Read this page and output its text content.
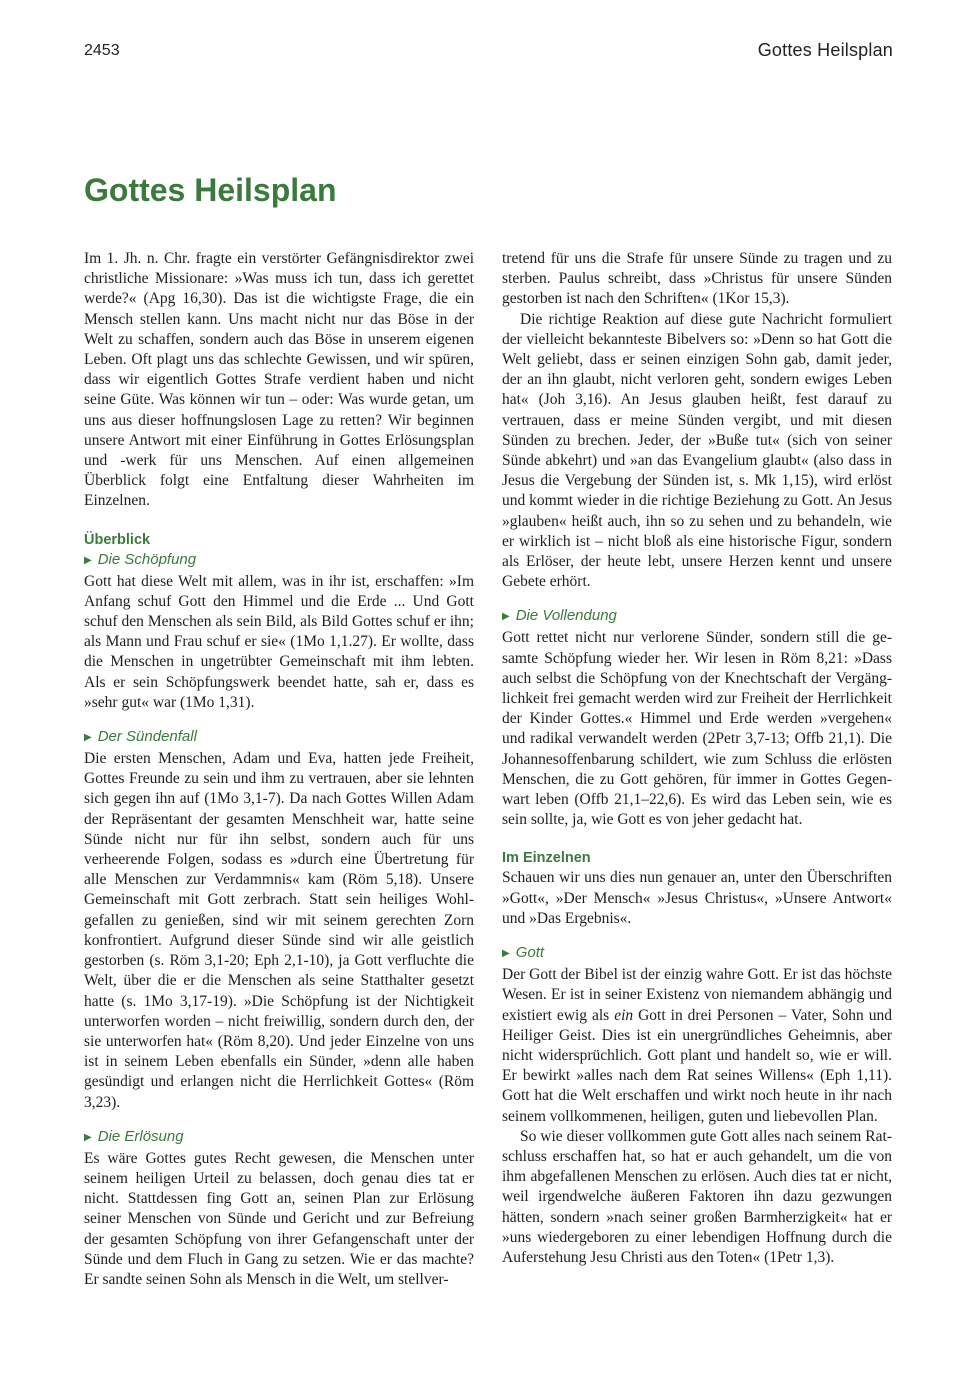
2453	Gottes Heilsplan
Gottes Heilsplan

Im 1. Jh. n. Chr. fragte ein verstörter Gefängnisdirektor zwei christliche Missionare: »Was muss ich tun, dass ich gerettet werde?« (Apg 16,30). Das ist die wichtigste Frage, die ein Mensch stellen kann. Uns macht nicht nur das Böse in der Welt zu schaffen, sondern auch das Böse in unserem eigenen Leben. Oft plagt uns das schlechte Gewissen, und wir spüren, dass wir eigentlich Gottes Strafe verdient haben und nicht seine Güte. Was können wir tun – oder: Was wurde getan, um uns aus dieser hoffnungslosen Lage zu retten? Wir beginnen unsere Antwort mit einer Einführung in Gottes Erlösungsplan und -werk für uns Menschen. Auf einen allgemeinen Überblick folgt eine Entfaltung dieser Wahrheiten im Einzelnen.

Überblick
▶ Die Schöpfung

Gott hat diese Welt mit allem, was in ihr ist, erschaffen: »Im Anfang schuf Gott den Himmel und die Erde ... Und Gott schuf den Menschen als sein Bild, als Bild Gottes schuf er ihn; als Mann und Frau schuf er sie« (1Mo 1,1.27). Er wollte, dass die Menschen in ungetrübter Gemeinschaft mit ihm lebten. Als er sein Schöpfungswerk beendet hatte, sah er, dass es »sehr gut« war (1Mo 1,31).

▶ Der Sündenfall

Die ersten Menschen, Adam und Eva, hatten jede Freiheit, Gottes Freunde zu sein und ihm zu vertrauen, aber sie lehnten sich gegen ihn auf (1Mo 3,1-7). Da nach Gottes Willen Adam der Repräsentant der gesamten Menschheit war, hatte seine Sünde nicht nur für ihn selbst, sondern auch für uns verheerende Folgen, sodass es »durch eine Übertretung für alle Menschen zur Verdammnis« kam (Röm 5,18). Unsere Gemeinschaft mit Gott zerbrach. Statt sein heiliges Wohlgefallen zu genießen, sind wir mit seinem gerechten Zorn konfrontiert. Aufgrund dieser Sünde sind wir alle geistlich gestorben (s. Röm 3,1-20; Eph 2,1-10), ja Gott verfluchte die Welt, über die er die Menschen als seine Statthalter gesetzt hatte (s. 1Mo 3,17-19). »Die Schöpfung ist der Nichtigkeit unterworfen worden – nicht freiwillig, sondern durch den, der sie unterworfen hat« (Röm 8,20). Und jeder Einzelne von uns ist in seinem Leben ebenfalls ein Sünder, »denn alle haben gesündigt und erlangen nicht die Herrlichkeit Gottes« (Röm 3,23).

▶ Die Erlösung

Es wäre Gottes gutes Recht gewesen, die Menschen unter seinem heiligen Urteil zu belassen, doch genau dies tat er nicht. Stattdessen fing Gott an, seinen Plan zur Erlösung seiner Menschen von Sünde und Gericht und zur Befreiung der gesamten Schöpfung von ihrer Gefangenschaft unter der Sünde und dem Fluch in Gang zu setzen. Wie er das machte? Er sandte seinen Sohn als Mensch in die Welt, um stellver-

tretend für uns die Strafe für unsere Sünde zu tragen und zu sterben. Paulus schreibt, dass »Christus für unsere Sünden gestorben ist nach den Schriften« (1Kor 15,3).

Die richtige Reaktion auf diese gute Nachricht formuliert der vielleicht bekannteste Bibelvers so: »Denn so hat Gott die Welt geliebt, dass er seinen einzigen Sohn gab, damit jeder, der an ihn glaubt, nicht verloren geht, sondern ewiges Leben hat« (Joh 3,16). An Jesus glauben heißt, fest darauf zu vertrauen, dass er meine Sünden vergibt, und mit diesen Sünden zu brechen. Jeder, der »Buße tut« (sich von seiner Sünde abkehrt) und »an das Evangelium glaubt« (also dass in Jesus die Vergebung der Sünden ist, s. Mk 1,15), wird erlöst und kommt wieder in die richtige Beziehung zu Gott. An Jesus »glauben« heißt auch, ihn so zu sehen und zu behandeln, wie er wirklich ist – nicht bloß als eine historische Figur, sondern als Erlöser, der heute lebt, unsere Herzen kennt und unsere Gebete erhört.

▶ Die Vollendung

Gott rettet nicht nur verlorene Sünder, sondern still die gesamte Schöpfung wieder her. Wir lesen in Röm 8,21: »Dass auch selbst die Schöpfung von der Knechtschaft der Vergänglichkeit frei gemacht werden wird zur Freiheit der Herrlichkeit der Kinder Gottes.« Himmel und Erde werden »vergehen« und radikal verwandelt werden (2Petr 3,7-13; Offb 21,1). Die Johannesoffenbarung schildert, wie zum Schluss die erlösten Menschen, die zu Gott gehören, für immer in Gottes Gegenwart leben (Offb 21,1–22,6). Es wird das Leben sein, wie es sein sollte, ja, wie Gott es von jeher gedacht hat.

Im Einzelnen

Schauen wir uns dies nun genauer an, unter den Überschriften »Gott«, »Der Mensch« »Jesus Christus«, »Unsere Antwort« und »Das Ergebnis«.

▶ Gott

Der Gott der Bibel ist der einzig wahre Gott. Er ist das höchste Wesen. Er ist in seiner Existenz von niemandem abhängig und existiert ewig als ein Gott in drei Personen – Vater, Sohn und Heiliger Geist. Dies ist ein unergründliches Geheimnis, aber nicht widersprüchlich. Gott plant und handelt so, wie er will. Er bewirkt »alles nach dem Rat seines Willens« (Eph 1,11). Gott hat die Welt erschaffen und wirkt noch heute in ihr nach seinem vollkommenen, heiligen, guten und liebevollen Plan.

So wie dieser vollkommen gute Gott alles nach seinem Ratschluss erschaffen hat, so hat er auch gehandelt, um die von ihm abgefallenen Menschen zu erlösen. Auch dies tat er nicht, weil irgendwelche äußeren Faktoren ihn dazu gezwungen hätten, sondern »nach seiner großen Barmherzigkeit« hat er »uns wiedergeboren zu einer lebendigen Hoffnung durch die Auferstehung Jesu Christi aus den Toten« (1Petr 1,3).
